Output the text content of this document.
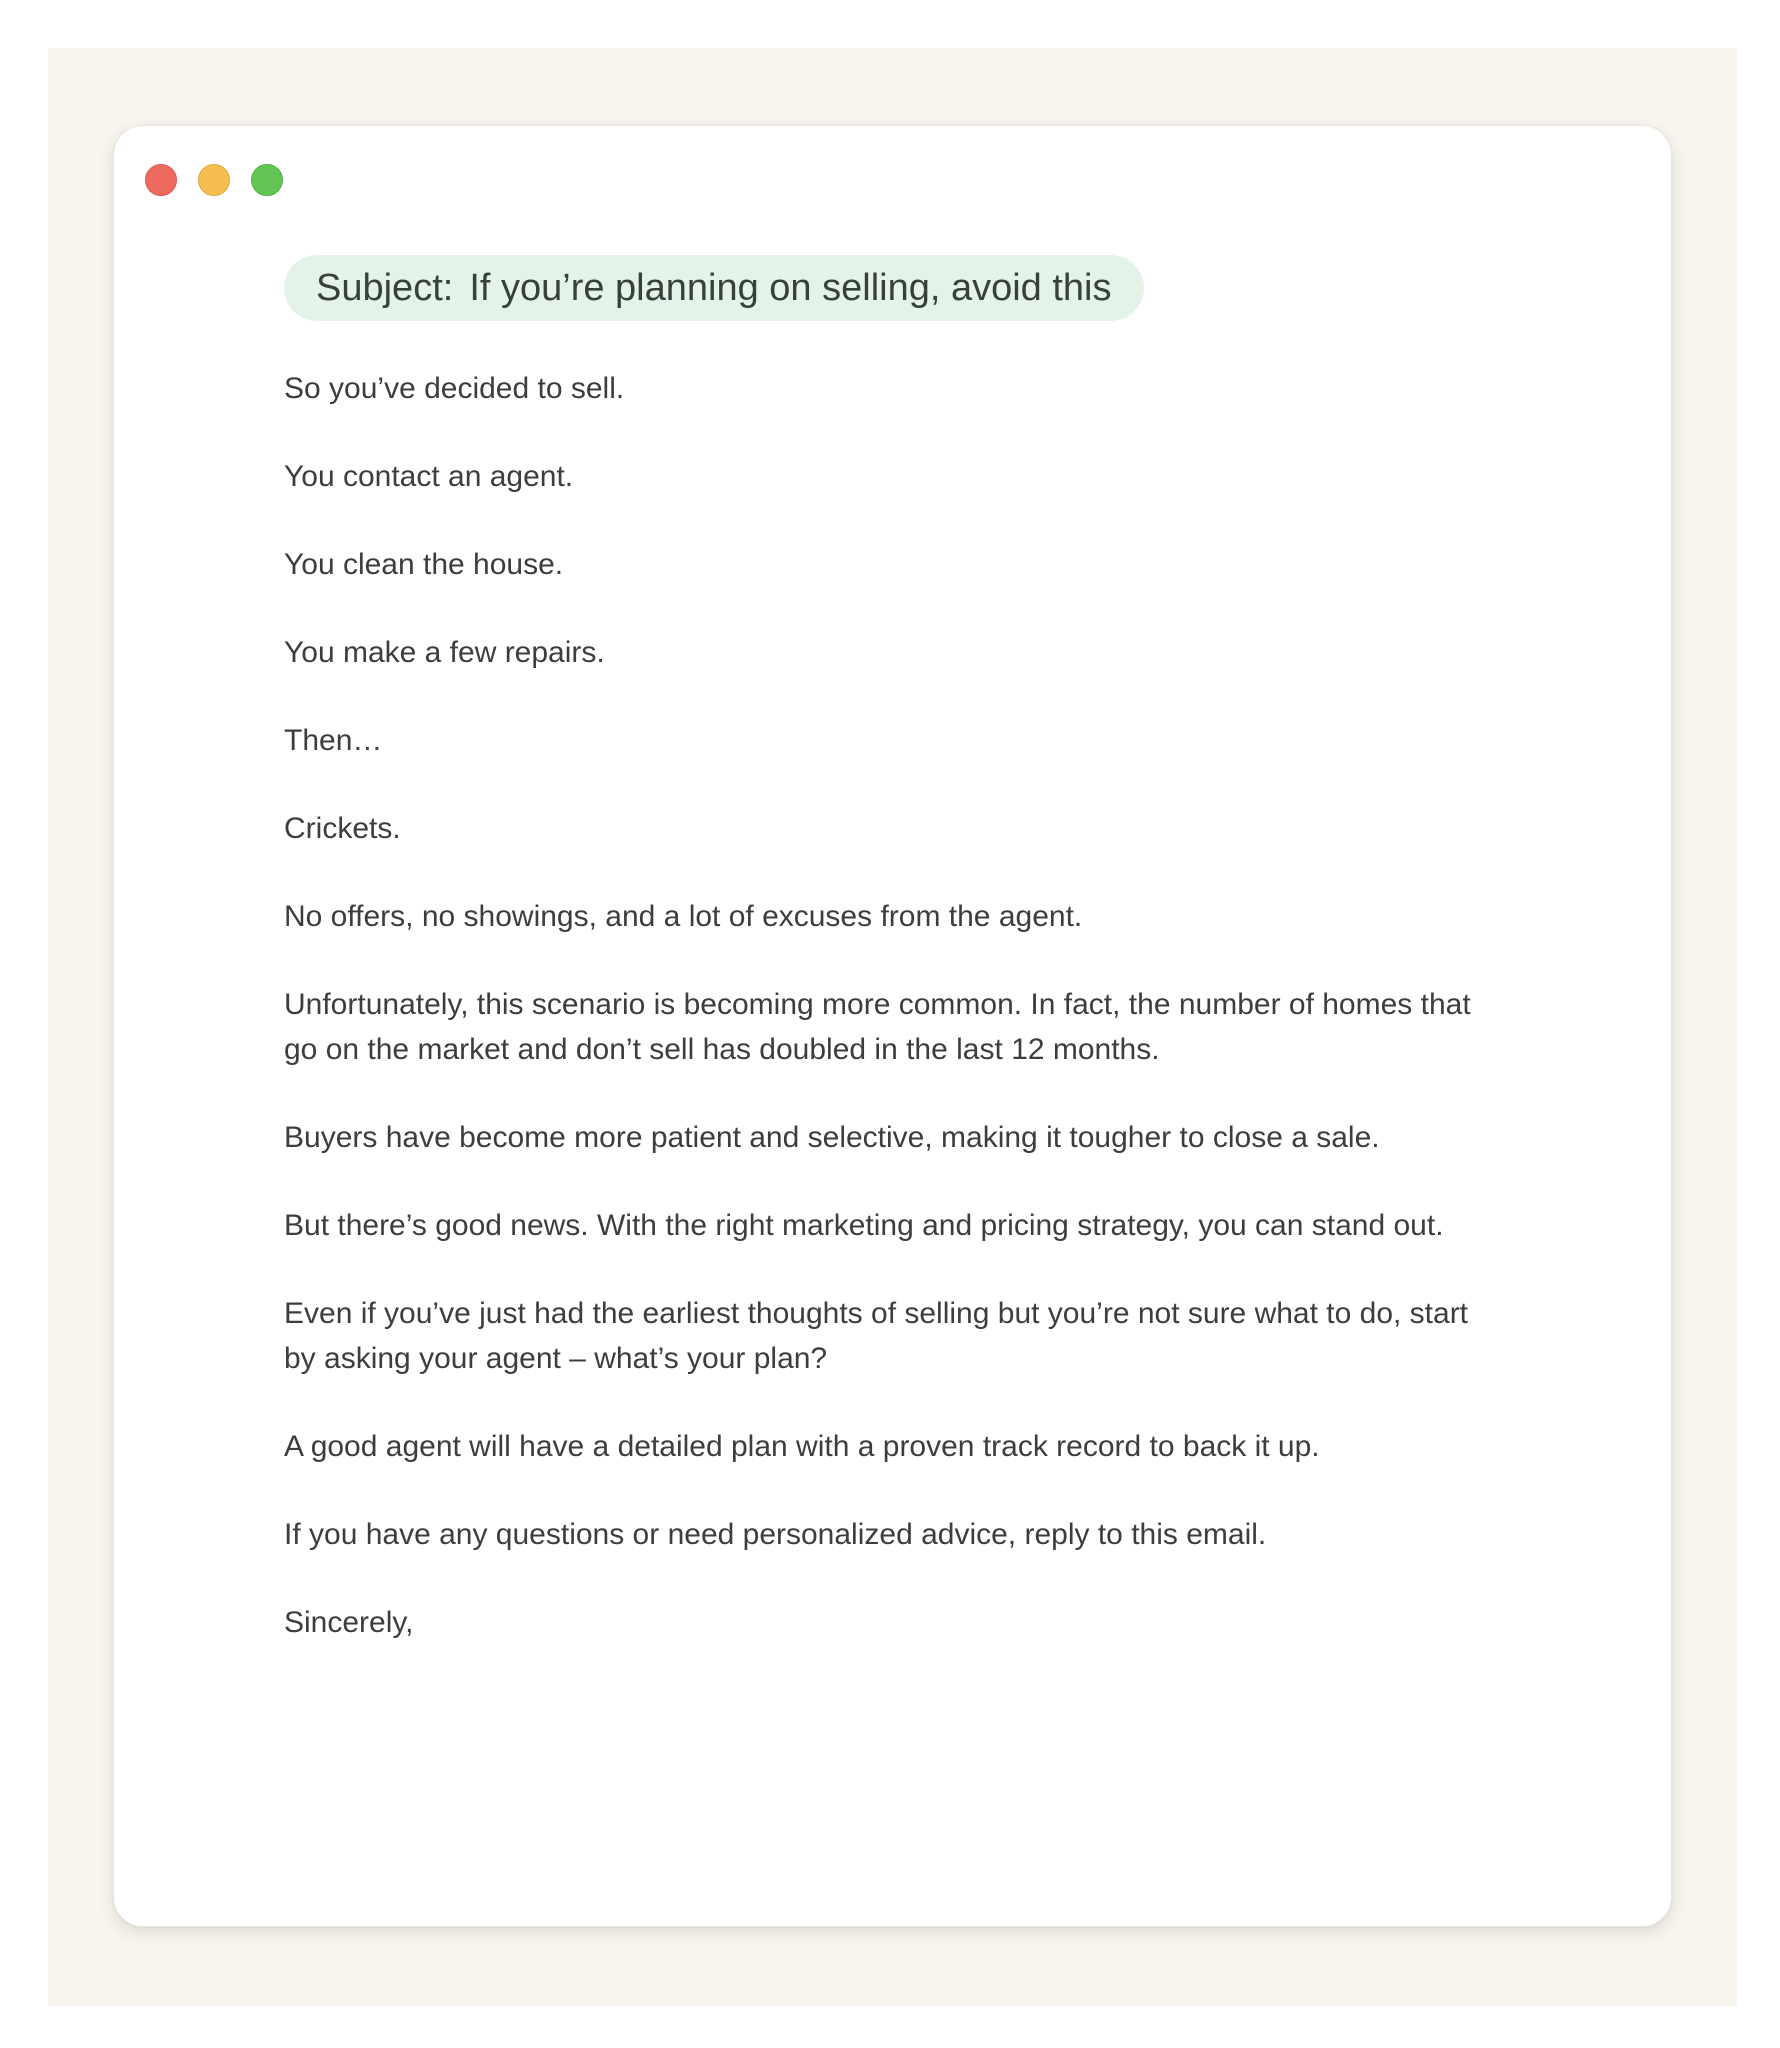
Subject: If you’re planning on selling, avoid this

So you’ve decided to sell.

You contact an agent.

You clean the house.

You make a few repairs.

Then…

Crickets.

No offers, no showings, and a lot of excuses from the agent.

Unfortunately, this scenario is becoming more common. In fact, the number of homes that go on the market and don’t sell has doubled in the last 12 months.

Buyers have become more patient and selective, making it tougher to close a sale.

But there’s good news. With the right marketing and pricing strategy, you can stand out.

Even if you’ve just had the earliest thoughts of selling but you’re not sure what to do, start by asking your agent – what’s your plan?

A good agent will have a detailed plan with a proven track record to back it up.

If you have any questions or need personalized advice, reply to this email.

Sincerely,
